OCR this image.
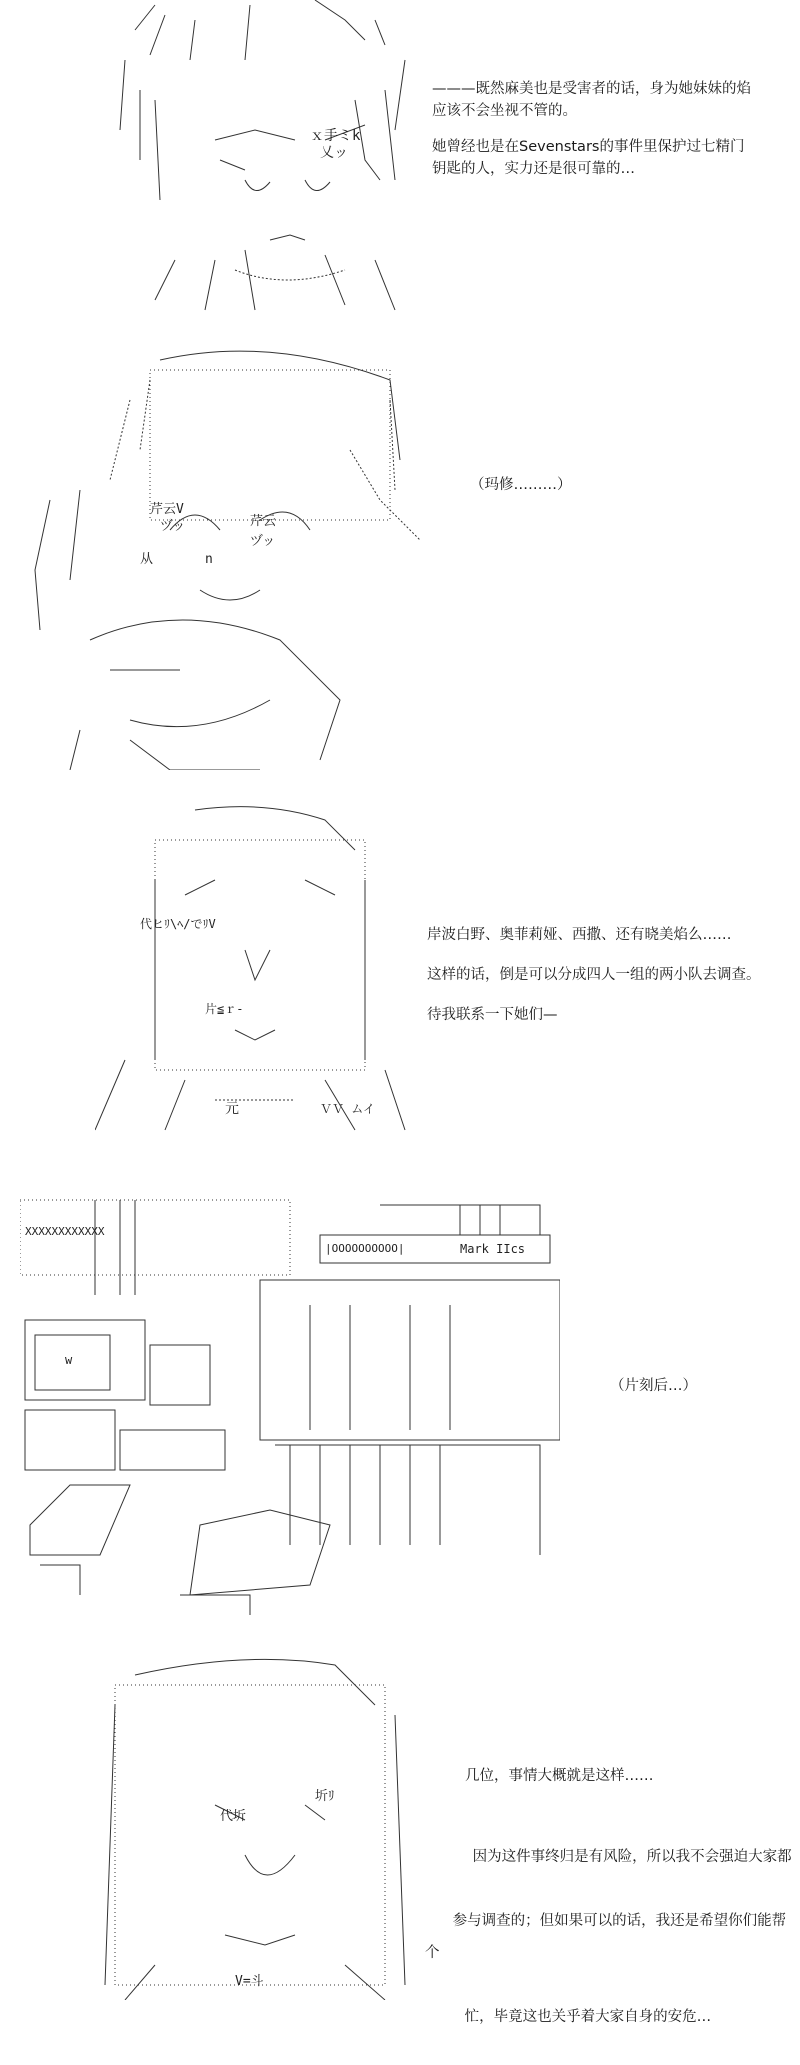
ｘ手ミk
乂ッ

———既然麻美也是受害者的话，身为她妹妹的焰
应该不会坐视不管的。

她曾经也是在Sevenstars的事件里保护过七精门
钥匙的人，实力还是很可靠的…

芹云V
ヅッ	芹云
ヅッ
从	n

（玛修………）

代ヒﾘ\ﾍ/でﾘV
片≦ｒ-
元	ＶＶ ムイ

岸波白野、奥菲莉娅、西撒、还有晓美焰么……

这样的话，倒是可以分成四人一组的两小队去调查。

待我联系一下她们—

XXXXXXXXXXXX
|OOOOOOOOOO|	Mark IIcs
w

（片刻后…）

代圻
圻ﾘ
V=斗

几位，事情大概就是这样……

因为这件事终归是有风险，所以我不会强迫大家都

参与调查的；但如果可以的话，我还是希望你们能帮个

忙，毕竟这也关乎着大家自身的安危…
